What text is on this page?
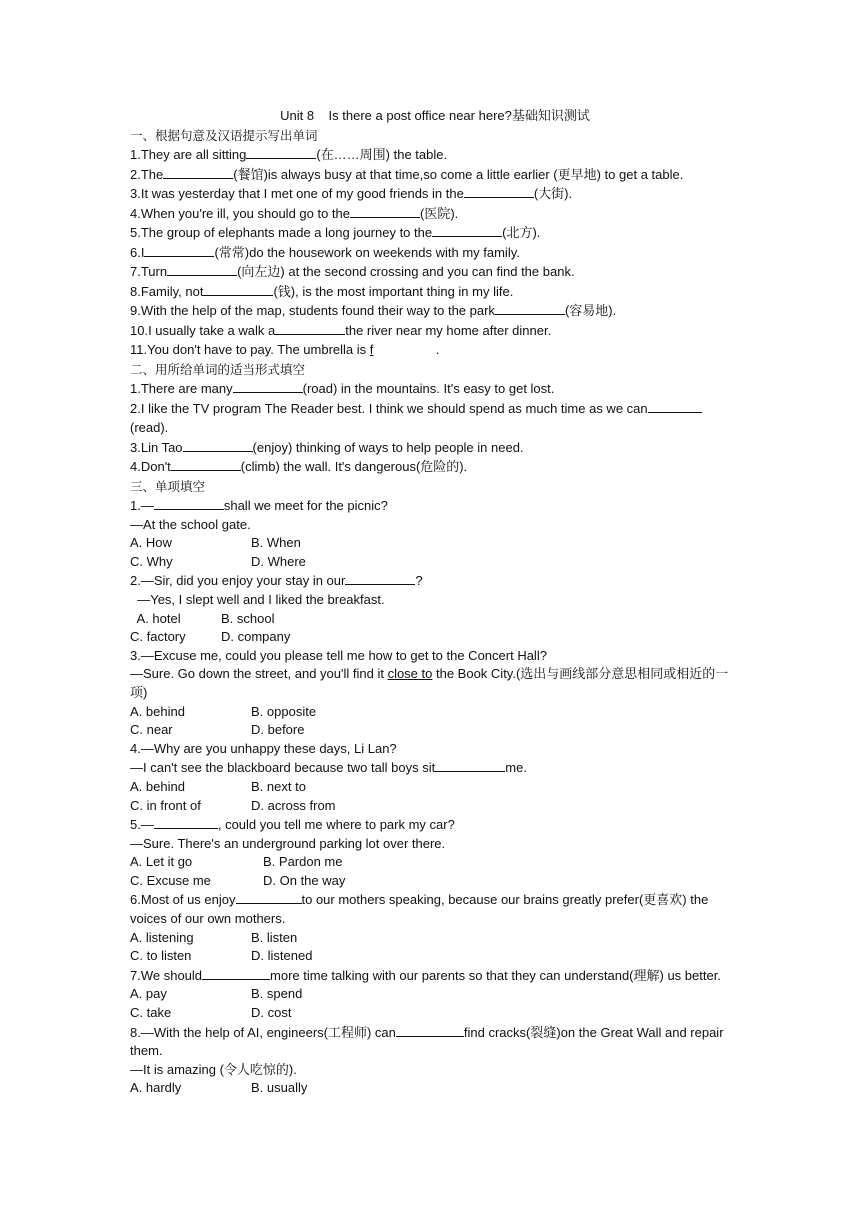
Unit 8    Is there a post office near here?基础知识测试
一、根据句意及汉语提示写出单词
1.They are all sitting	(在……周围) the table.
2.The	(餐馆)is always busy at that time,so come a little earlier (更早地) to get a table.
3.It was yesterday that I met one of my good friends in the	(大街).
4.When you're ill, you should go to the	(医院).
5.The group of elephants made a long journey to the	(北方).
6.I	(常常)do the housework on weekends with my family.
7.Turn	(向左边) at the second crossing and you can find the bank.
8.Family, not	(钱), is the most important thing in my life.
9.With the help of the map, students found their way to the park	(容易地).
10.I usually take a walk a	the river near my home after dinner.
11.You don't have to pay. The umbrella is f	.
二、用所给单词的适当形式填空
1.There are many	(road) in the mountains. It's easy to get lost.
2.I like the TV program The Reader best. I think we should spend as much time as we can
(read).
3.Lin Tao	(enjoy) thinking of ways to help people in need.
4.Don't	(climb) the wall. It's dangerous(危险的).
三、单项填空
1.—	shall we meet for the picnic?
—At the school gate.
A. How	B. When
C. Why	D. Where
2.—Sir, did you enjoy your stay in our	?
—Yes, I slept well and I liked the breakfast.
A. hotel	B. school
C. factory	D. company
3.—Excuse me, could you please tell me how to get to the Concert Hall?
—Sure. Go down the street, and you'll find it close to the Book City.(选出与画线部分意思相同或相近的一项)
A. behind	B. opposite
C. near	D. before
4.—Why are you unhappy these days, Li Lan?
—I can't see the blackboard because two tall boys sit	me.
A. behind	B. next to
C. in front of	D. across from
5.—	, could you tell me where to park my car?
—Sure. There's an underground parking lot over there.
A. Let it go	B. Pardon me
C. Excuse me	D. On the way
6.Most of us enjoy	to our mothers speaking, because our brains greatly prefer(更喜欢) the voices of our own mothers.
A. listening	B. listen
C. to listen	D. listened
7.We should	more time talking with our parents so that they can understand(理解) us better.
A. pay	B. spend
C. take	D. cost
8.—With the help of AI, engineers(工程师) can	find cracks(裂缝)on the Great Wall and repair them.
—It is amazing (令人吃惊的).
A. hardly	B. usually
